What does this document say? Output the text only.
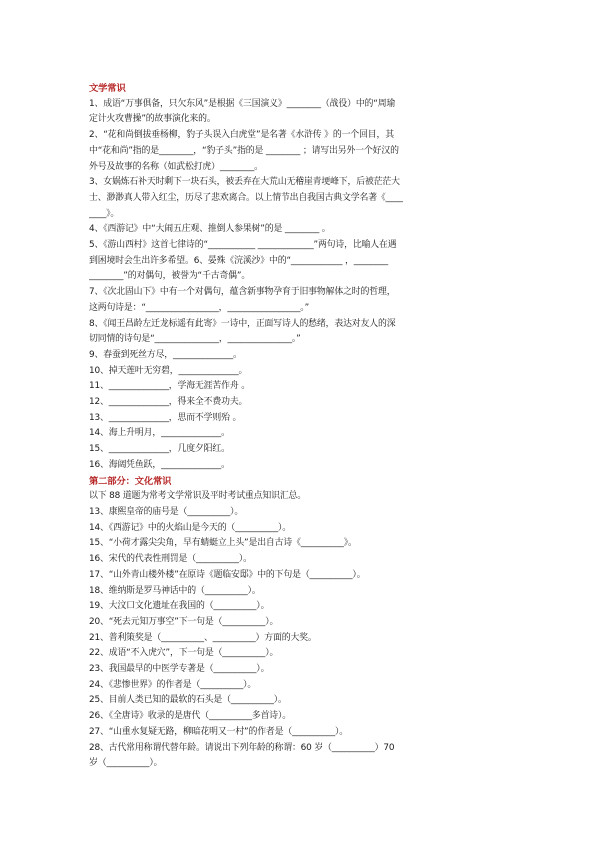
文学常识
1、成语“万事俱备，只欠东风”是根据《三国演义》________（战役）中的“周瑜
定计火攻曹操”的故事演化来的。
2、“花和尚倒拔垂杨柳，豹子头误入白虎堂”是名著《水浒传 》的一个回目，其
中“花和尚”指的是________，“豹子头”指的是 ________ ；请写出另外一个好汉的
外号及故事的名称（如武松打虎）________。
3、女娲炼石补天时剩下一块石头，被丢弃在大荒山无稽崖青埂峰下，后被茫茫大
士、渺渺真人带入红尘，历尽了悲欢离合。以上情节出自我国古典文学名著《____
____》。
4、《西游记》中“大闹五庄观、推倒人参果树”的是 ________ 。
5、《游山西村》这首七律诗的“___________ _____________”两句诗，比喻人在遇
到困境时会生出许多希望。6、晏殊《浣溪沙》中的“____________ ，________
________”的对偶句，被誉为“千古奇偶”。
7、《次北固山下》中有一个对偶句，蕴含新事物孕育于旧事物解体之时的哲理，
这两句诗是：“_________________，_________________。”
8、《闻王昌龄左迁龙标遥有此寄》一诗中，正面写诗人的愁绪，表达对友人的深
切同情的诗句是“_______________，_______________。”
9、春蚕到死丝方尽，______________。
10、掉天莲叶无穷碧，______________。
11、______________，学海无涯苦作舟 。
12、______________，得来全不费功夫。
13、______________，思而不学则殆 。
14、海上升明月，______________。
15、______________，几度夕阳红。
16、海阔凭鱼跃，______________。
第二部分：文化常识
以下 88 道题为常考文学常识及平时考试重点知识汇总。
13、康熙皇帝的庙号是（__________）。
14、《西游记》中的火焰山是今天的（__________）。
15、“小荷才露尖尖角，早有蜻蜓立上头”是出自古诗《__________》。
16、宋代的代表性刑罚是（__________）。
17、“山外青山楼外楼”在原诗《题临安邸》中的下句是（__________）。
18、维纳斯是罗马神话中的（__________）。
19、大汶口文化遗址在我国的（__________）。
20、“死去元知万事空”下一句是（__________）。
21、普利策奖是（__________、__________）方面的大奖。
22、成语“不入虎穴”，下一句是（__________）。
23、我国最早的中医学专著是（__________）。
24、《悲惨世界》的作者是（__________）。
25、目前人类已知的最软的石头是（__________）。
26、《全唐诗》收录的是唐代（__________多首诗）。
27、“山重水复疑无路，柳暗花明又一村”的作者是（__________）。
28、古代常用称谓代替年龄。请说出下列年龄的称谓：60 岁（__________）70
岁（__________）。
